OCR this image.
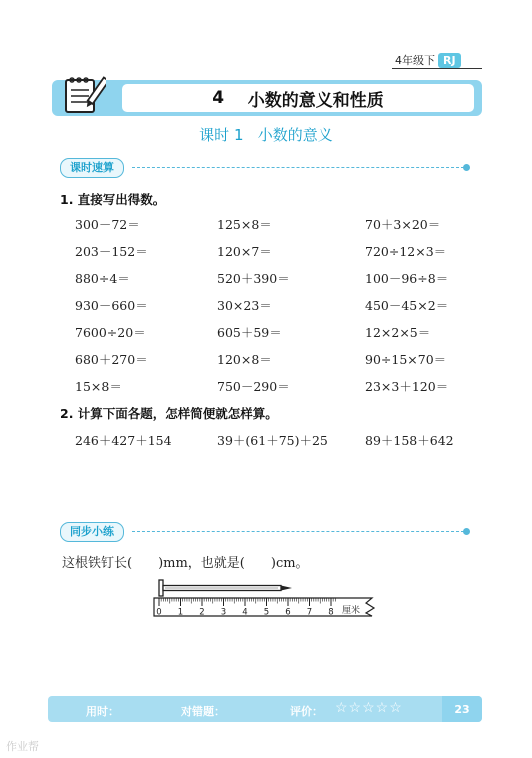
4年级下 RJ
4
小数的意义和性质
课时 1 小数的意义
课时速算
1. 直接写出得数。
300－72＝	125×8＝	70＋3×20＝
203－152＝	120×7＝	720÷12×3＝
880÷4＝	520＋390＝	100－96÷8＝
930－660＝	30×23＝	450－45×2＝
7600÷20＝	605＋59＝	12×2×5＝
680＋270＝	120×8＝	90÷15×70＝
15×8＝	750－290＝	23×3＋120＝
2. 计算下面各题，怎样简便就怎样算。
246＋427＋154	39＋(61＋75)＋25	89＋158＋642
同步小练
这根铁钉长(　　)mm，也就是(　　)cm。
0 1 2 3 4 5 6 7 8 厘米
23
用时：	对错题：	评价： ☆☆☆☆☆
作业帮
